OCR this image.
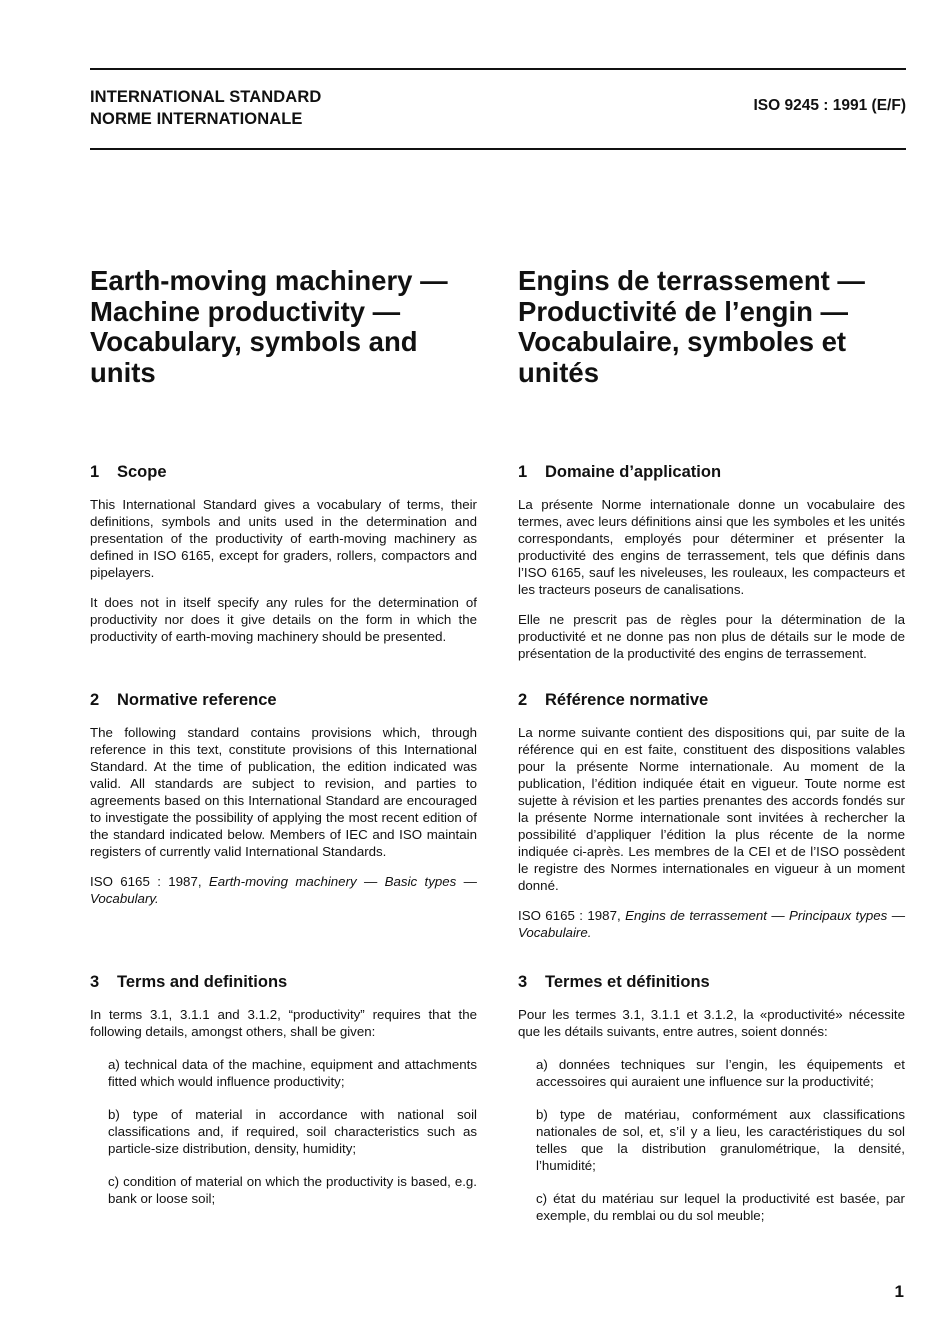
INTERNATIONAL STANDARD
NORME INTERNATIONALE
ISO 9245 : 1991 (E/F)
Earth-moving machinery — Machine productivity — Vocabulary, symbols and units
1	Scope

This International Standard gives a vocabulary of terms, their definitions, symbols and units used in the determination and presentation of the productivity of earth-moving machinery as defined in ISO 6165, except for graders, rollers, compactors and pipelayers.

It does not in itself specify any rules for the determination of productivity nor does it give details on the form in which the productivity of earth-moving machinery should be presented.

2	Normative reference

The following standard contains provisions which, through reference in this text, constitute provisions of this International Standard. At the time of publication, the edition indicated was valid. All standards are subject to revision, and parties to agreements based on this International Standard are encouraged to investigate the possibility of applying the most recent edition of the standard indicated below. Members of IEC and ISO maintain registers of currently valid International Standards.

ISO 6165 : 1987, Earth-moving machinery — Basic types — Vocabulary.

3	Terms and definitions

In terms 3.1, 3.1.1 and 3.1.2, “productivity” requires that the following details, amongst others, shall be given:

a) technical data of the machine, equipment and attachments fitted which would influence productivity;

b) type of material in accordance with national soil classifications and, if required, soil characteristics such as particle-size distribution, density, humidity;

c) condition of material on which the productivity is based, e.g. bank or loose soil;

Engins de terrassement — Productivité de l’engin — Vocabulaire, symboles et unités
1	Domaine d’application

La présente Norme internationale donne un vocabulaire des termes, avec leurs définitions ainsi que les symboles et les unités correspondants, employés pour déterminer et présenter la productivité des engins de terrassement, tels que définis dans l’ISO 6165, sauf les niveleuses, les rouleaux, les compacteurs et les tracteurs poseurs de canalisations.

Elle ne prescrit pas de règles pour la détermination de la productivité et ne donne pas non plus de détails sur le mode de présentation de la productivité des engins de terrassement.

2	Référence normative

La norme suivante contient des dispositions qui, par suite de la référence qui en est faite, constituent des dispositions valables pour la présente Norme internationale. Au moment de la publication, l’édition indiquée était en vigueur. Toute norme est sujette à révision et les parties prenantes des accords fondés sur la présente Norme internationale sont invitées à rechercher la possibilité d’appliquer l’édition la plus récente de la norme indiquée ci-après. Les membres de la CEI et de l’ISO possèdent le registre des Normes internationales en vigueur à un moment donné.

ISO 6165 : 1987, Engins de terrassement — Principaux types — Vocabulaire.

3	Termes et définitions

Pour les termes 3.1, 3.1.1 et 3.1.2, la «productivité» nécessite que les détails suivants, entre autres, soient donnés:

a) données techniques sur l’engin, les équipements et accessoires qui auraient une influence sur la productivité;

b) type de matériau, conformément aux classifications nationales de sol, et, s’il y a lieu, les caractéristiques du sol telles que la distribution granulométrique, la densité, l’humidité;

c) état du matériau sur lequel la productivité est basée, par exemple, du remblai ou du sol meuble;

1
